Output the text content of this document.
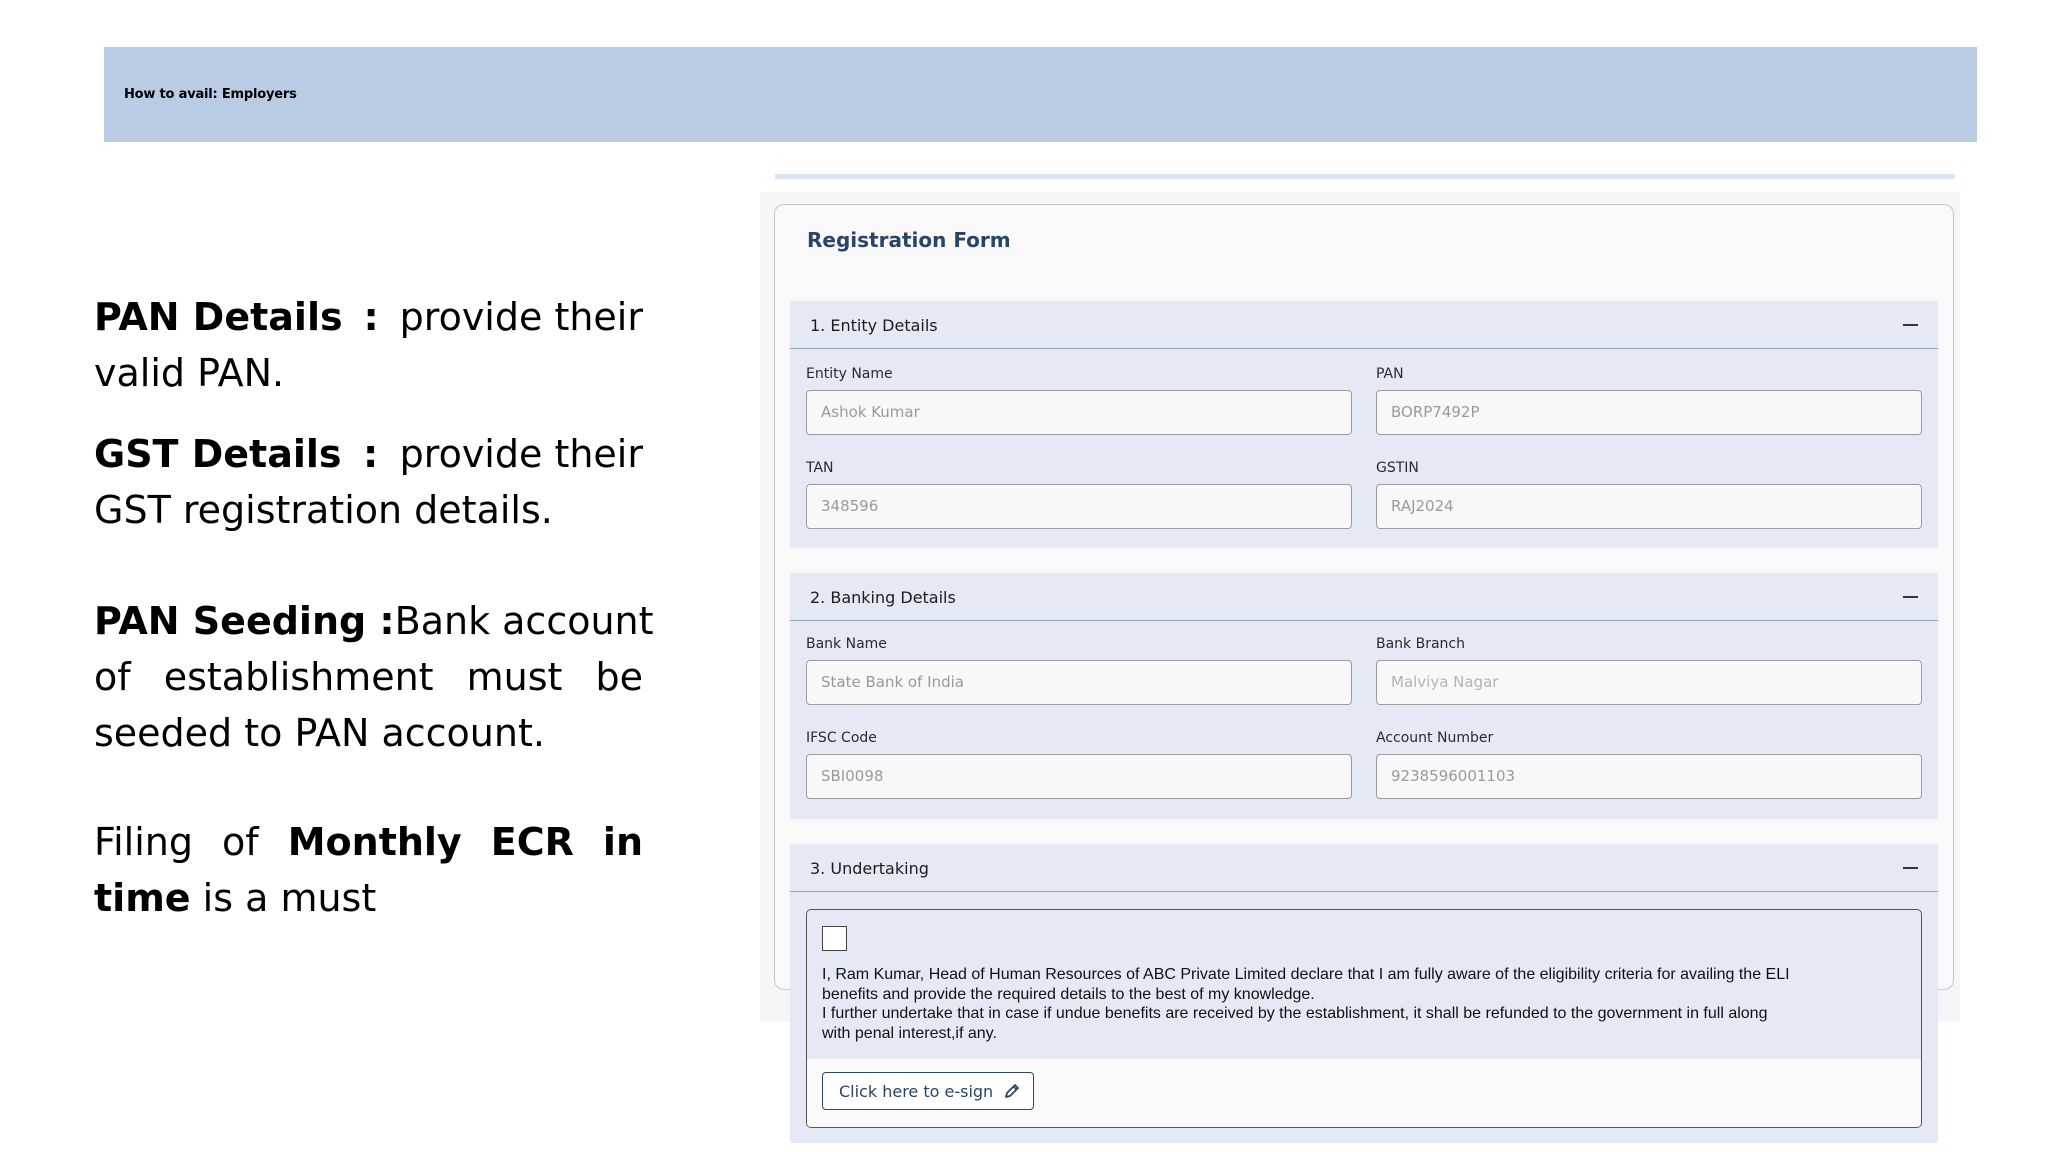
How to avail: Employers
PAN Details : provide their
valid PAN.
GST Details : provide their
GST registration details.
PAN Seeding : Bank account
of establishment must be
seeded to PAN account.
Filing of Monthly ECR in
time is a must
Registration Form
1. Entity Details
Entity Name
Ashok Kumar
PAN
BORP7492P
TAN
348596
GSTIN
RAJ2024
2. Banking Details
Bank Name
State Bank of India
Bank Branch
Malviya Nagar
IFSC Code
SBI0098
Account Number
9238596001103
3. Undertaking
I, Ram Kumar, Head of Human Resources of ABC Private Limited declare that I am fully aware of the eligibility criteria for availing the ELI
benefits and provide the required details to the best of my knowledge.
I further undertake that in case if undue benefits are received by the establishment, it shall be refunded to the government in full along
with penal interest,if any.
Click here to e-sign
